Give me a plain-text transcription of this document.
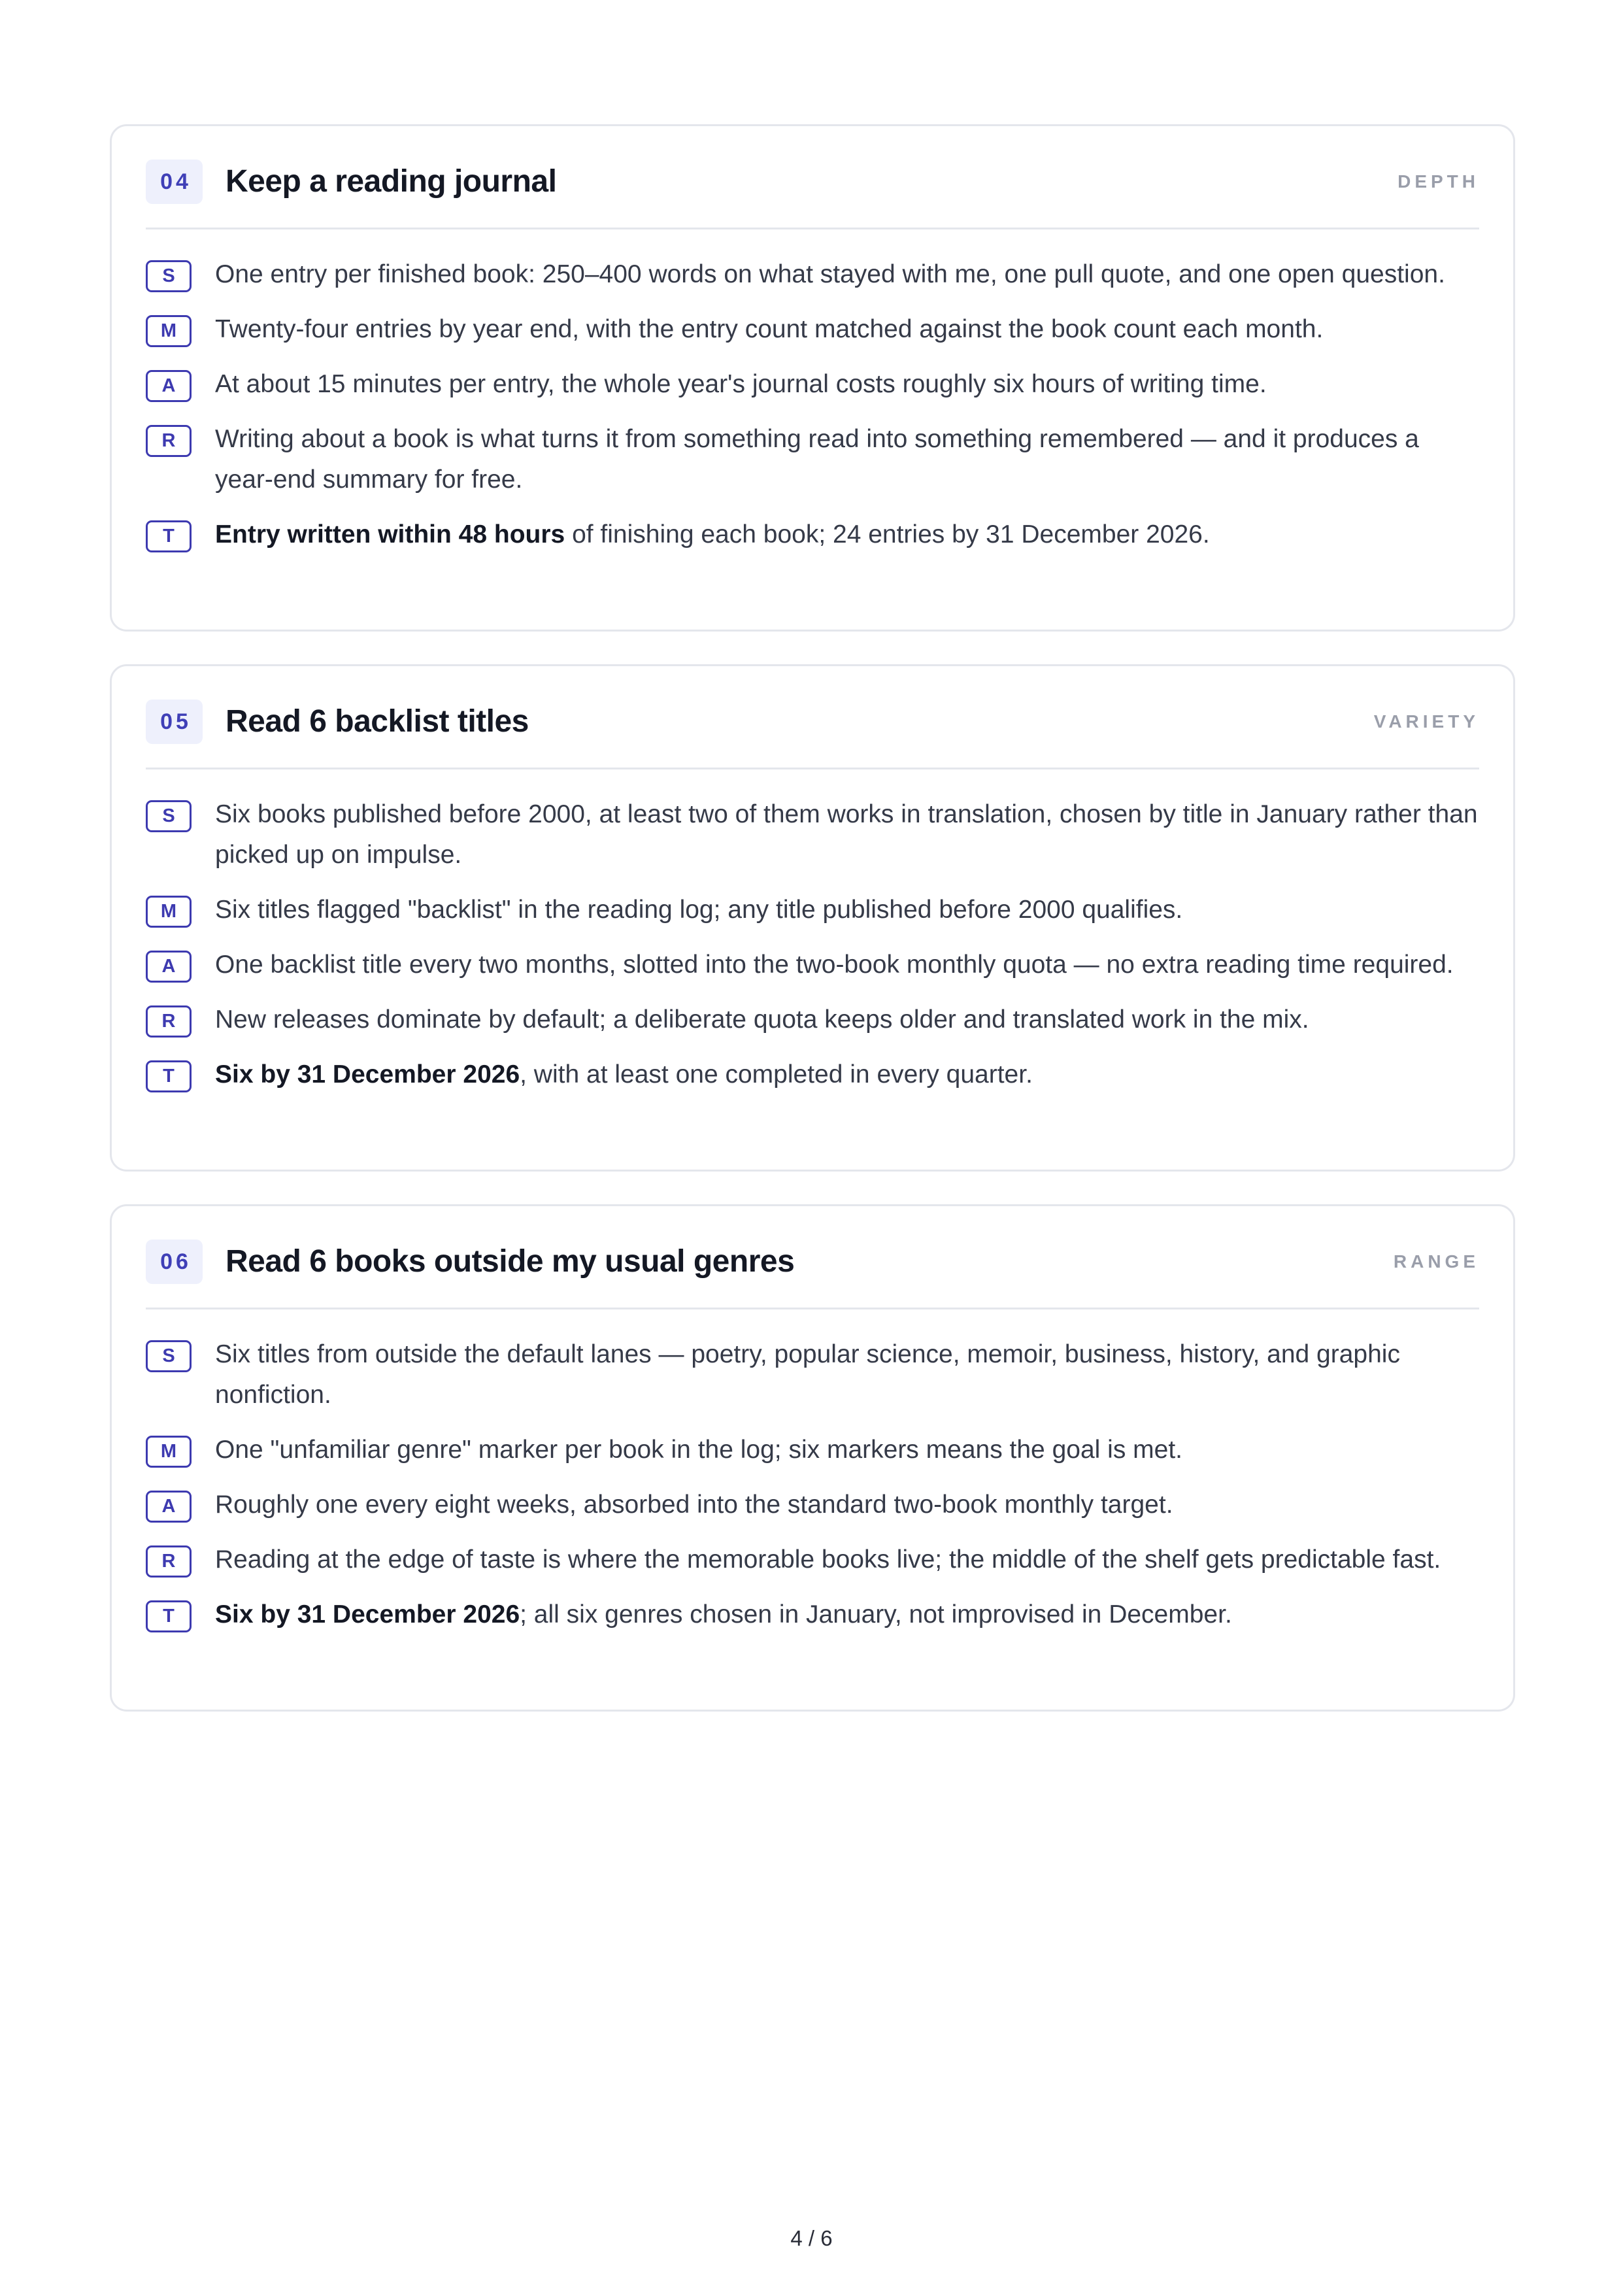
04	Keep a reading journal	DEPTH
S	One entry per finished book: 250–400 words on what stayed with me, one pull quote, and one open question.
M	Twenty-four entries by year end, with the entry count matched against the book count each month.
A	At about 15 minutes per entry, the whole year's journal costs roughly six hours of writing time.
R	Writing about a book is what turns it from something read into something remembered — and it produces a year-end summary for free.
T	Entry written within 48 hours of finishing each book; 24 entries by 31 December 2026.
05	Read 6 backlist titles	VARIETY
S	Six books published before 2000, at least two of them works in translation, chosen by title in January rather than picked up on impulse.
M	Six titles flagged "backlist" in the reading log; any title published before 2000 qualifies.
A	One backlist title every two months, slotted into the two-book monthly quota — no extra reading time required.
R	New releases dominate by default; a deliberate quota keeps older and translated work in the mix.
T	Six by 31 December 2026, with at least one completed in every quarter.
06	Read 6 books outside my usual genres	RANGE
S	Six titles from outside the default lanes — poetry, popular science, memoir, business, history, and graphic nonfiction.
M	One "unfamiliar genre" marker per book in the log; six markers means the goal is met.
A	Roughly one every eight weeks, absorbed into the standard two-book monthly target.
R	Reading at the edge of taste is where the memorable books live; the middle of the shelf gets predictable fast.
T	Six by 31 December 2026; all six genres chosen in January, not improvised in December.
4 / 6
